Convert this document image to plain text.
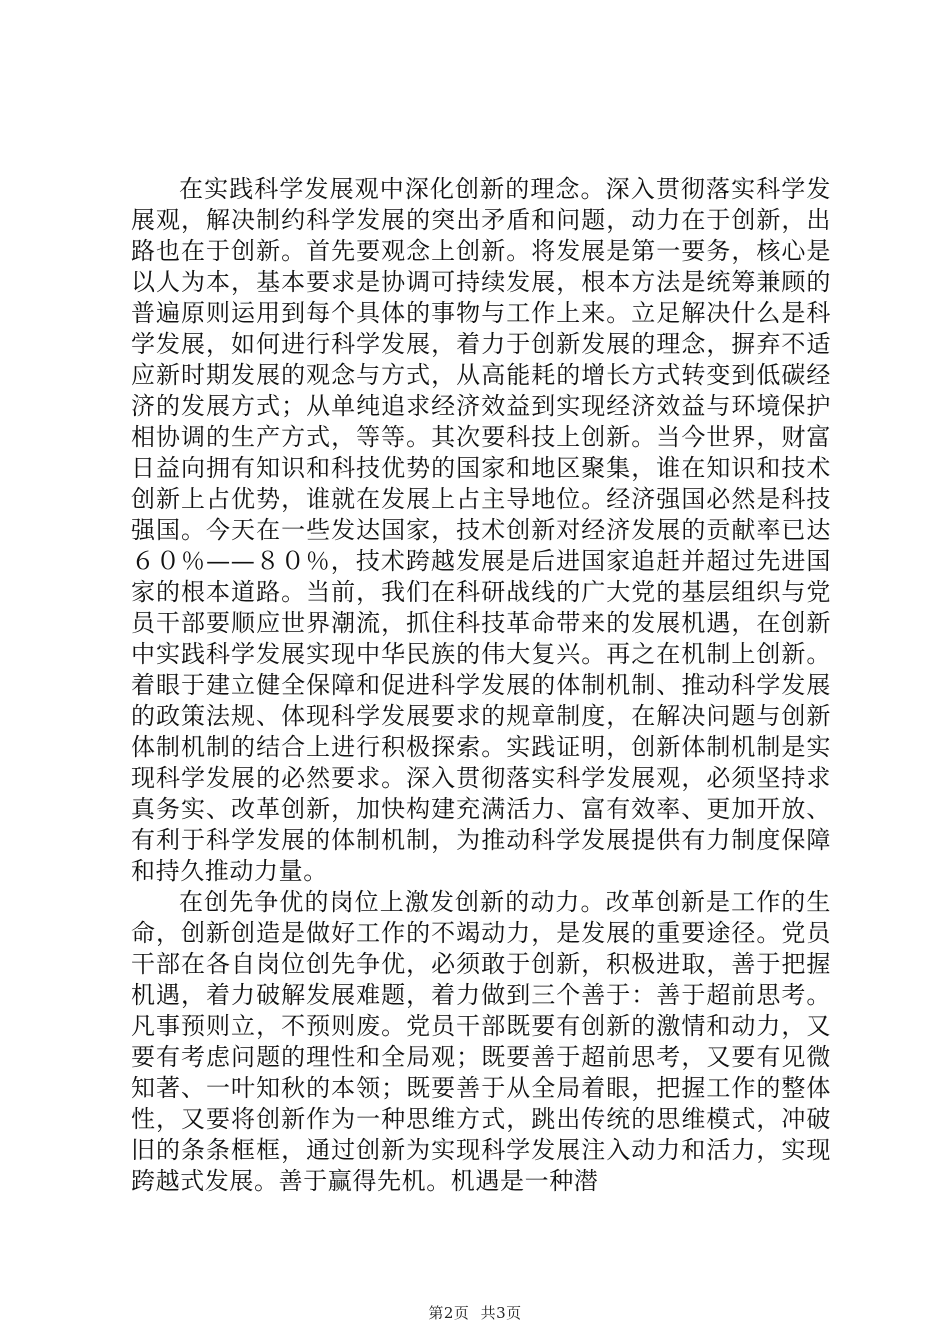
在实践科学发展观中深化创新的理念。深入贯彻落实科学发展观，解决制约科学发展的突出矛盾和问题，动力在于创新，出路也在于创新。首先要观念上创新。将发展是第一要务，核心是以人为本，基本要求是协调可持续发展，根本方法是统筹兼顾的普遍原则运用到每个具体的事物与工作上来。立足解决什么是科学发展，如何进行科学发展，着力于创新发展的理念，摒弃不适应新时期发展的观念与方式，从高能耗的增长方式转变到低碳经济的发展方式；从单纯追求经济效益到实现经济效益与环境保护相协调的生产方式，等等。其次要科技上创新。当今世界，财富日益向拥有知识和科技优势的国家和地区聚集，谁在知识和技术创新上占优势，谁就在发展上占主导地位。经济强国必然是科技强国。今天在一些发达国家，技术创新对经济发展的贡献率已达６０％——８０％，技术跨越发展是后进国家追赶并超过先进国家的根本道路。当前，我们在科研战线的广大党的基层组织与党员干部要顺应世界潮流，抓住科技革命带来的发展机遇，在创新中实践科学发展实现中华民族的伟大复兴。再之在机制上创新。着眼于建立健全保障和促进科学发展的体制机制、推动科学发展的政策法规、体现科学发展要求的规章制度，在解决问题与创新体制机制的结合上进行积极探索。实践证明，创新体制机制是实现科学发展的必然要求。深入贯彻落实科学发展观，必须坚持求真务实、改革创新，加快构建充满活力、富有效率、更加开放、有利于科学发展的体制机制，为推动科学发展提供有力制度保障和持久推动力量。

在创先争优的岗位上激发创新的动力。改革创新是工作的生命，创新创造是做好工作的不竭动力，是发展的重要途径。党员干部在各自岗位创先争优，必须敢于创新，积极进取，善于把握机遇，着力破解发展难题，着力做到三个善于：善于超前思考。凡事预则立，不预则废。党员干部既要有创新的激情和动力，又要有考虑问题的理性和全局观；既要善于超前思考，又要有见微知著、一叶知秋的本领；既要善于从全局着眼，把握工作的整体性，又要将创新作为一种思维方式，跳出传统的思维模式，冲破旧的条条框框，通过创新为实现科学发展注入动力和活力，实现跨越式发展。善于赢得先机。机遇是一种潜

第2页 共3页
